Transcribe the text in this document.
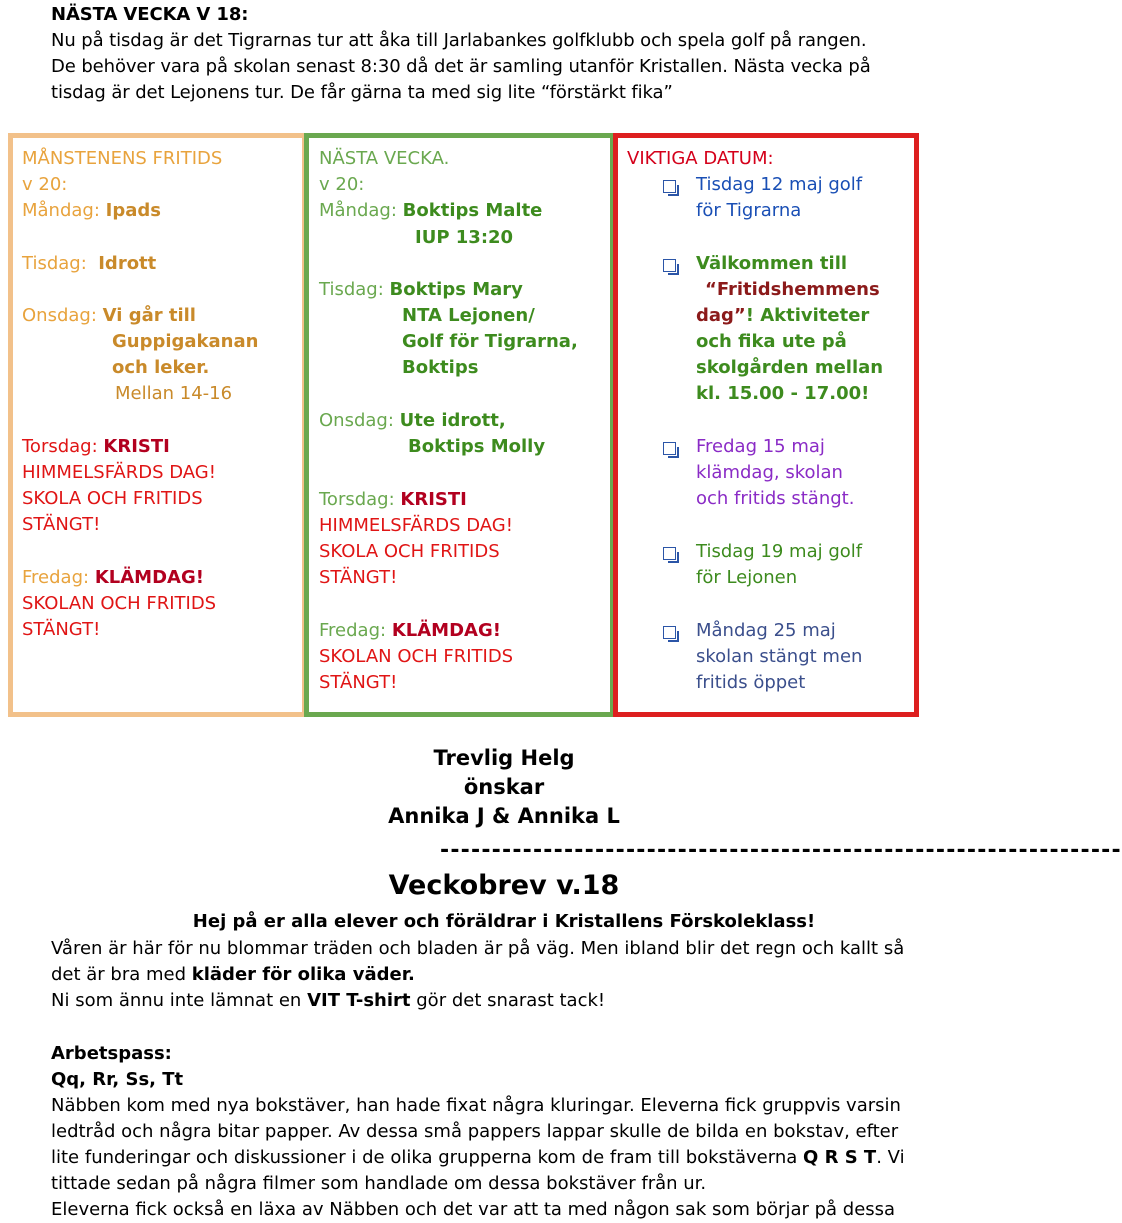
NÄSTA VECKA V 18:
Nu på tisdag är det Tigrarnas tur att åka till Jarlabankes golfklubb och spela golf på rangen.
De behöver vara på skolan senast 8:30 då det är samling utanför Kristallen. Nästa vecka på
tisdag är det Lejonens tur. De får gärna ta med sig lite “förstärkt fika”
MÅNSTENENS FRITIDS
v 20:
Måndag: Ipads
Tisdag: Idrott
Onsdag: Vi går till
Guppigakanan
och leker.
Mellan 14-16
Torsdag: KRISTI
HIMMELSFÄRDS DAG!
SKOLA OCH FRITIDS
STÄNGT!
Fredag: KLÄMDAG!
SKOLAN OCH FRITIDS
STÄNGT!
NÄSTA VECKA.
v 20:
Måndag: Boktips Malte
IUP 13:20
Tisdag: Boktips Mary
NTA Lejonen/
Golf för Tigrarna,
Boktips
Onsdag: Ute idrott,
Boktips Molly
Torsdag: KRISTI
HIMMELSFÄRDS DAG!
SKOLA OCH FRITIDS
STÄNGT!
Fredag: KLÄMDAG!
SKOLAN OCH FRITIDS
STÄNGT!
VIKTIGA DATUM:
Tisdag 12 maj golf
för Tigrarna
Välkommen till
“Fritidshemmens
dag”! Aktiviteter
och fika ute på
skolgården mellan
kl. 15.00 - 17.00!
Fredag 15 maj
klämdag, skolan
och fritids stängt.
Tisdag 19 maj golf
för Lejonen
Måndag 25 maj
skolan stängt men
fritids öppet
Trevlig Helg
önskar
Annika J & Annika L
------------------------------------------------------------------
Veckobrev v.18
Hej på er alla elever och föräldrar i Kristallens Förskoleklass!
Våren är här för nu blommar träden och bladen är på väg. Men ibland blir det regn och kallt så
det är bra med kläder för olika väder.
Ni som ännu inte lämnat en VIT T-shirt gör det snarast tack!
Arbetspass:
Qq, Rr, Ss, Tt
Näbben kom med nya bokstäver, han hade fixat några kluringar. Eleverna fick gruppvis varsin
ledtråd och några bitar papper. Av dessa små pappers lappar skulle de bilda en bokstav, efter
lite funderingar och diskussioner i de olika grupperna kom de fram till bokstäverna Q R S T. Vi
tittade sedan på några filmer som handlade om dessa bokstäver från ur.
Eleverna fick också en läxa av Näbben och det var att ta med någon sak som börjar på dessa
